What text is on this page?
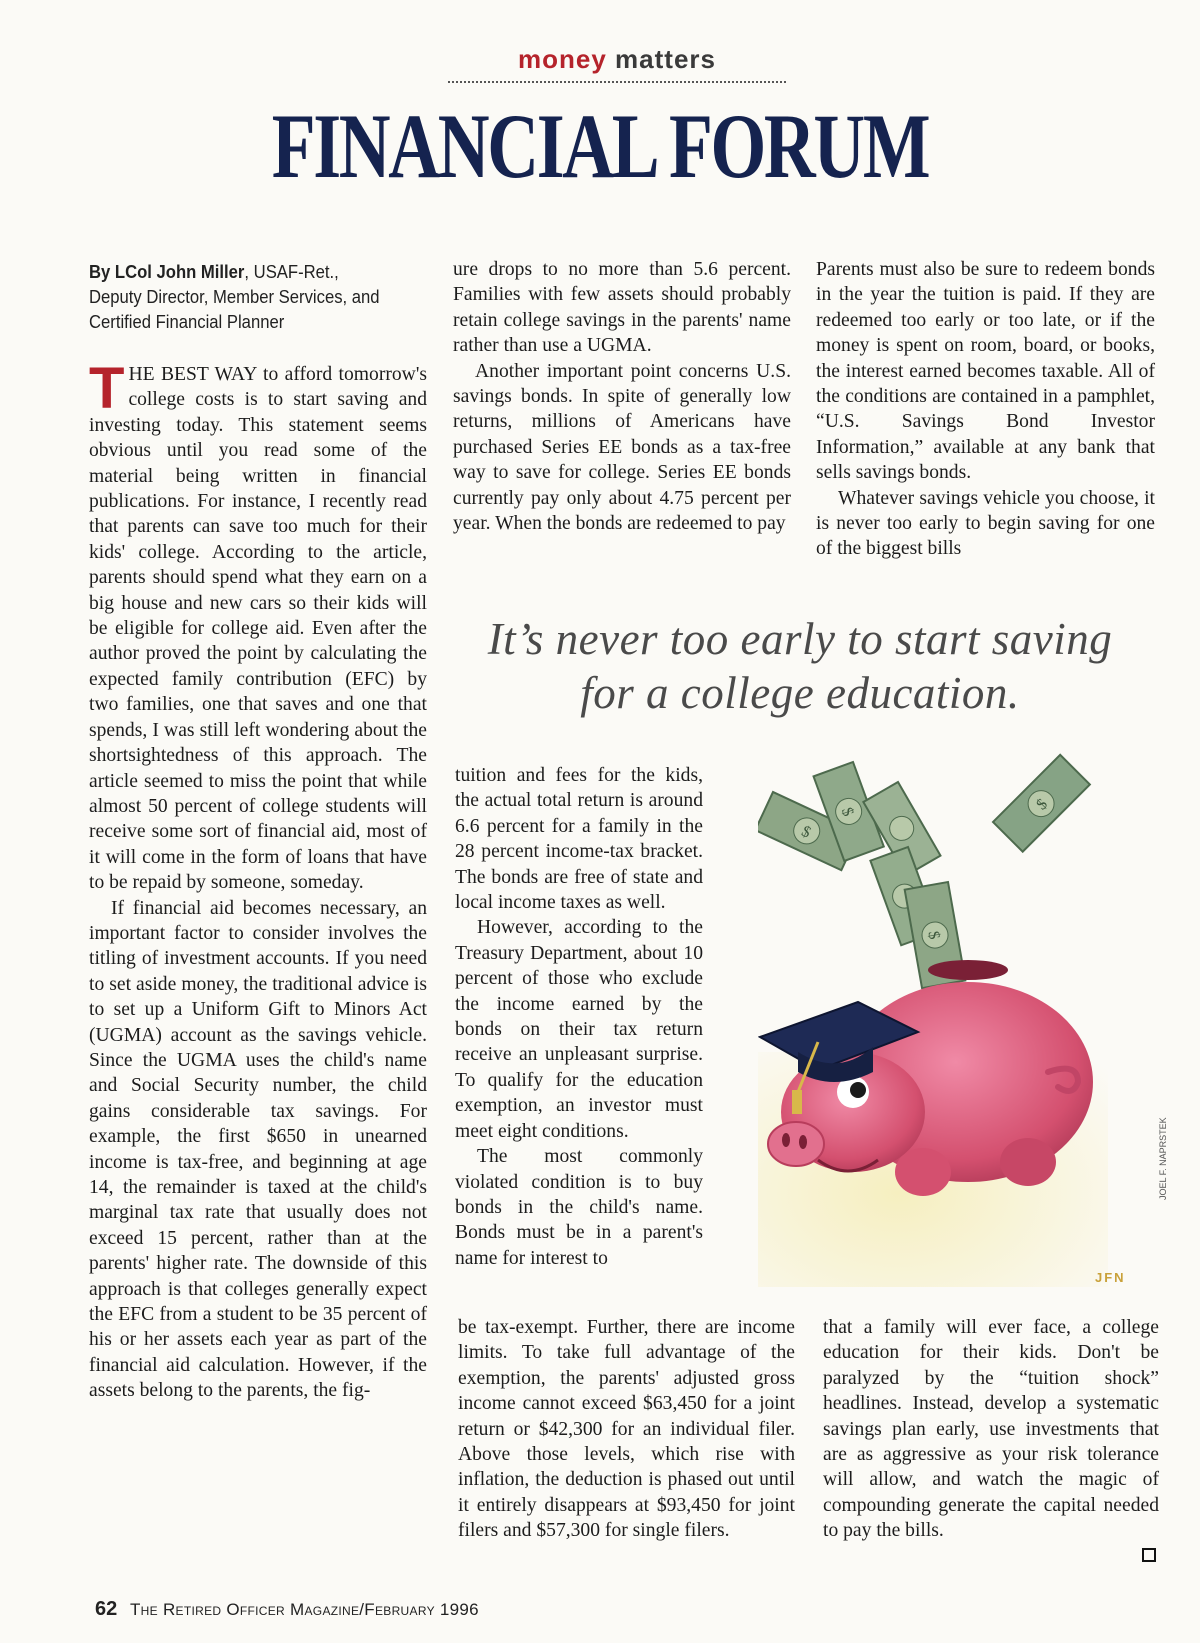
money matters
FINANCIAL FORUM
By LCol John Miller, USAF-Ret., Deputy Director, Member Services, and Certified Financial Planner

THE BEST WAY to afford tomorrow's college costs is to start saving and investing today. This statement seems obvious until you read some of the material being written in financial publications. For instance, I recently read that parents can save too much for their kids' college. According to the article, parents should spend what they earn on a big house and new cars so their kids will be eligible for college aid. Even after the author proved the point by calculating the expected family contribution (EFC) by two families, one that saves and one that spends, I was still left wondering about the shortsightedness of this approach. The article seemed to miss the point that while almost 50 percent of college students will receive some sort of financial aid, most of it will come in the form of loans that have to be repaid by someone, someday.

If financial aid becomes necessary, an important factor to consider involves the titling of investment accounts. If you need to set aside money, the traditional advice is to set up a Uniform Gift to Minors Act (UGMA) account as the savings vehicle. Since the UGMA uses the child's name and Social Security number, the child gains considerable tax savings. For example, the first $650 in unearned income is tax-free, and beginning at age 14, the remainder is taxed at the child's marginal tax rate that usually does not exceed 15 percent, rather than at the parents' higher rate. The downside of this approach is that colleges generally expect the EFC from a student to be 35 percent of his or her assets each year as part of the financial aid calculation. However, if the assets belong to the parents, the fig-

ure drops to no more than 5.6 percent. Families with few assets should probably retain college savings in the parents' name rather than use a UGMA.

Another important point concerns U.S. savings bonds. In spite of generally low returns, millions of Americans have purchased Series EE bonds as a tax-free way to save for college. Series EE bonds currently pay only about 4.75 percent per year. When the bonds are redeemed to pay

Parents must also be sure to redeem bonds in the year the tuition is paid. If they are redeemed too early or too late, or if the money is spent on room, board, or books, the interest earned becomes taxable. All of the conditions are contained in a pamphlet, “U.S. Savings Bond Investor Information,” available at any bank that sells savings bonds.

Whatever savings vehicle you choose, it is never too early to begin saving for one of the biggest bills

It’s never too early to start saving
for a college education.

tuition and fees for the kids, the actual total return is around 6.6 percent for a family in the 28 percent income-tax bracket. The bonds are free of state and local income taxes as well.

However, according to the Treasury Department, about 10 percent of those who exclude the income earned by the bonds on their tax return receive an unpleasant surprise. To qualify for the education exemption, an investor must meet eight conditions.

The most commonly violated condition is to buy bonds in the child's name. Bonds must be in a parent's name for interest to

be tax-exempt. Further, there are income limits. To take full advantage of the exemption, the parents' adjusted gross income cannot exceed $63,450 for a joint return or $42,300 for an individual filer. Above those levels, which rise with inflation, the deduction is phased out until it entirely disappears at $93,450 for joint filers and $57,300 for single filers.

that a family will ever face, a college education for their kids. Don't be paralyzed by the “tuition shock” headlines. Instead, develop a systematic savings plan early, use investments that are as aggressive as your risk tolerance will allow, and watch the magic of compounding generate the capital needed to pay the bills.

$
$	$
$
JFN
JOEL F. NAPRSTEK
62 The Retired Officer Magazine/February 1996
